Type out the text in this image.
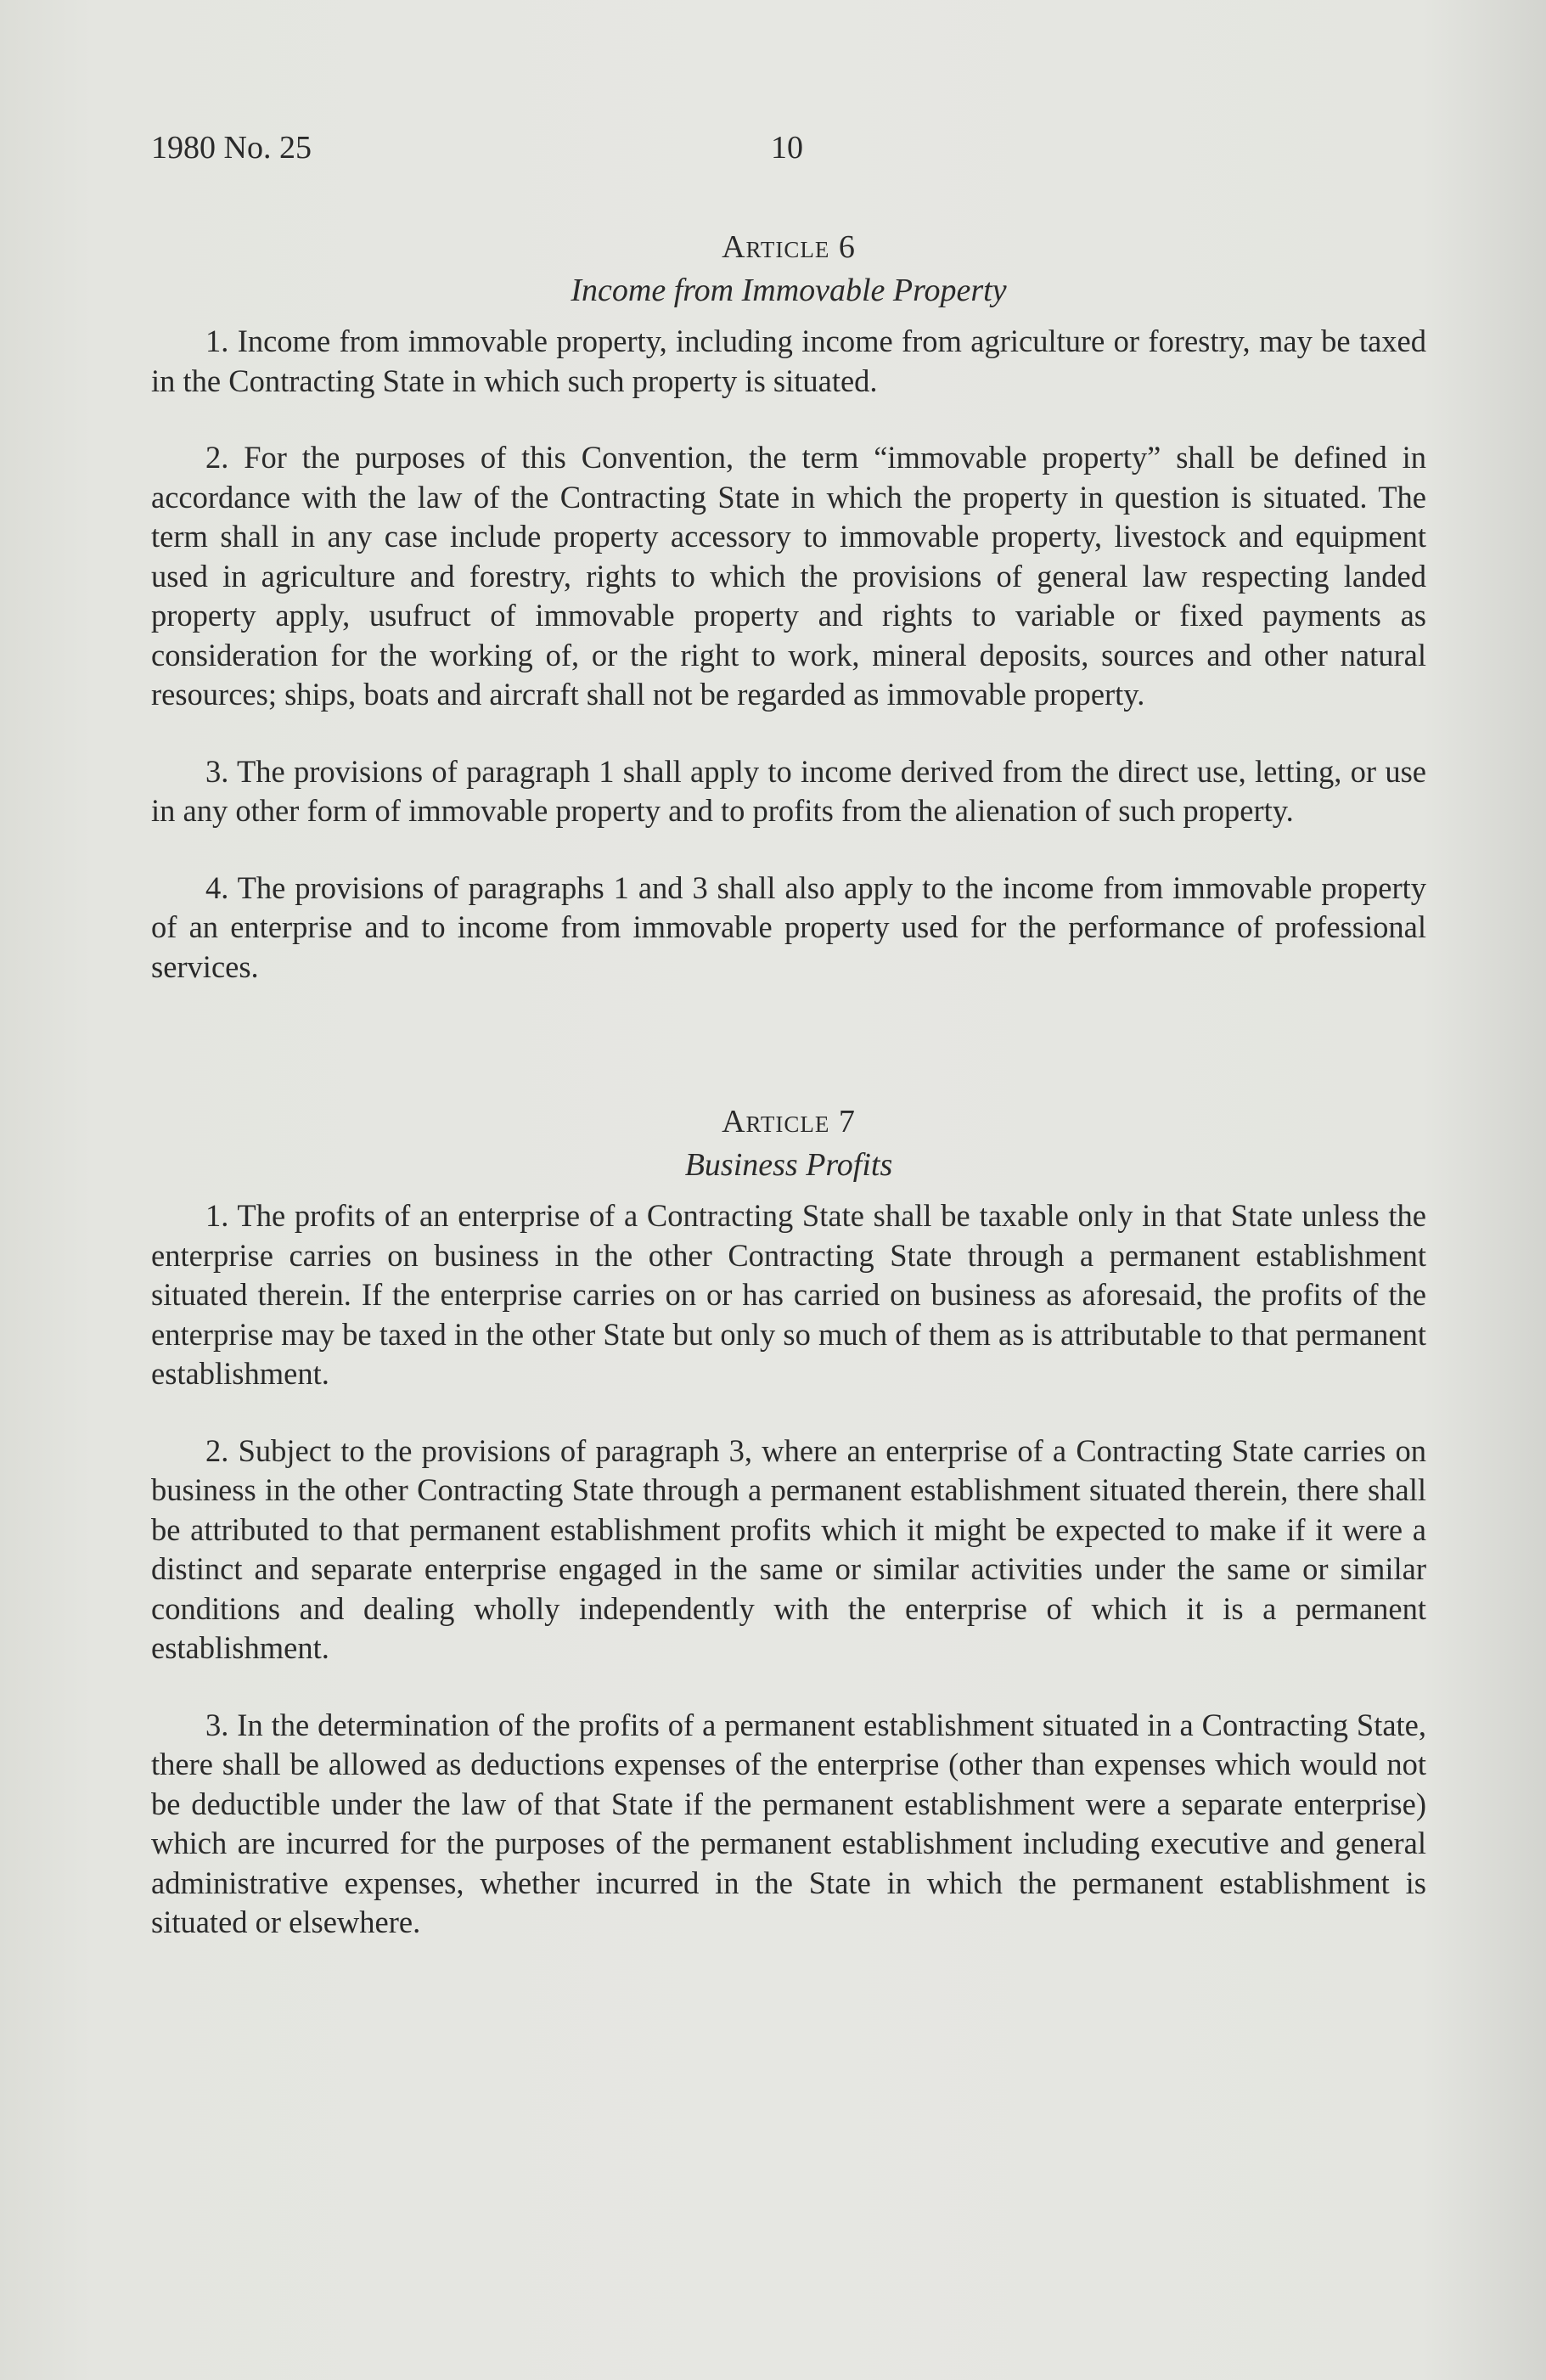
1980 No. 25	10
Article 6
Income from Immovable Property

1. Income from immovable property, including income from agriculture or forestry, may be taxed in the Contracting State in which such property is situated.

2. For the purposes of this Convention, the term “immovable property” shall be defined in accordance with the law of the Contracting State in which the property in question is situated. The term shall in any case include property accessory to immovable property, livestock and equipment used in agriculture and forestry, rights to which the provisions of general law respecting landed property apply, usufruct of immovable property and rights to variable or fixed payments as consideration for the working of, or the right to work, mineral deposits, sources and other natural resources; ships, boats and aircraft shall not be regarded as immovable property.

3. The provisions of paragraph 1 shall apply to income derived from the direct use, letting, or use in any other form of immovable property and to profits from the alienation of such property.

4. The provisions of paragraphs 1 and 3 shall also apply to the income from immovable property of an enterprise and to income from immovable property used for the performance of professional services.

Article 7
Business Profits

1. The profits of an enterprise of a Contracting State shall be taxable only in that State unless the enterprise carries on business in the other Contracting State through a permanent establishment situated therein. If the enterprise carries on or has carried on business as aforesaid, the profits of the enterprise may be taxed in the other State but only so much of them as is attributable to that permanent establishment.

2. Subject to the provisions of paragraph 3, where an enterprise of a Contracting State carries on business in the other Contracting State through a permanent establishment situated therein, there shall be attributed to that permanent establishment profits which it might be expected to make if it were a distinct and separate enterprise engaged in the same or similar activities under the same or similar conditions and dealing wholly independently with the enterprise of which it is a permanent establishment.

3. In the determination of the profits of a permanent establishment situated in a Contracting State, there shall be allowed as deductions expenses of the enterprise (other than expenses which would not be deductible under the law of that State if the permanent establishment were a separate enterprise) which are incurred for the purposes of the permanent establishment including executive and general administrative expenses, whether incurred in the State in which the permanent establishment is situated or elsewhere.
